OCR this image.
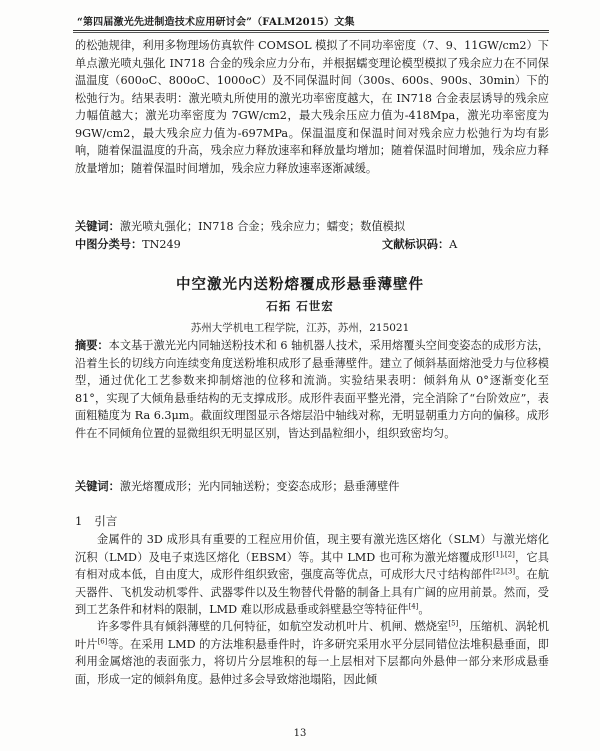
“第四届激光先进制造技术应用研讨会”（FALM2015）文集
的松弛规律，利用多物理场仿真软件 COMSOL 模拟了不同功率密度（7、9、11GW/cm2）下单点激光喷丸强化 IN718 合金的残余应力分布，并根据蠕变理论模型模拟了残余应力在不同保温温度（600oC、800oC、1000oC）及不同保温时间（300s、600s、900s、30min）下的松弛行为。结果表明：激光喷丸所使用的激光功率密度越大，在 IN718 合金表层诱导的残余应力幅值越大；激光功率密度为 7GW/cm2，最大残余压应力值为-418Mpa，激光功率密度为 9GW/cm2，最大残余应力值为-697MPa。保温温度和保温时间对残余应力松弛行为均有影响，随着保温温度的升高，残余应力释放速率和释放量均增加；随着保温时间增加，残余应力释放量增加；随着保温时间增加，残余应力释放速率逐渐减缓。
关键词：激光喷丸强化；IN718 合金；残余应力；蠕变；数值模拟
中图分类号：TN249	文献标识码：A
中空激光内送粉熔覆成形悬垂薄壁件
石拓 石世宏
苏州大学机电工程学院，江苏，苏州，215021
摘要：本文基于激光光内同轴送粉技术和 6 轴机器人技术，采用熔覆头空间变姿态的成形方法，沿着生长的切线方向连续变角度送粉堆积成形了悬垂薄壁件。建立了倾斜基面熔池受力与位移模型，通过优化工艺参数来抑制熔池的位移和流淌。实验结果表明：倾斜角从 0°逐渐变化至 81°，实现了大倾角悬垂结构的无支撑成形。成形件表面平整光滑，完全消除了“台阶效应”，表面粗糙度为 Ra 6.3μm。截面纹理图显示各熔层沿中轴线对称，无明显朝重力方向的偏移。成形件在不同倾角位置的显微组织无明显区别，皆达到晶粒细小，组织致密均匀。
关键词：激光熔覆成形；光内同轴送粉；变姿态成形；悬垂薄壁件
1 引言
金属件的 3D 成形具有重要的工程应用价值，现主要有激光选区熔化（SLM）与激光熔化沉积（LMD）及电子束选区熔化（EBSM）等。其中 LMD 也可称为激光熔覆成形[1],[2]，它具有相对成本低，自由度大，成形件组织致密，强度高等优点，可成形大尺寸结构部件[2],[3]。在航天器件、飞机发动机零件、武器零件以及生物替代骨骼的制备上具有广阔的应用前景。然而，受到工艺条件和材料的限制，LMD 难以形成悬垂或斜壁悬空等特征件[4]。
许多零件具有倾斜薄壁的几何特征，如航空发动机叶片、机闸、燃烧室[5]，压缩机、涡轮机叶片[6]等。在采用 LMD 的方法堆积悬垂件时，许多研究采用水平分层同错位法堆积悬垂面，即利用金属熔池的表面张力，将切片分层堆积的每一上层相对下层都向外悬伸一部分来形成悬垂面，形成一定的倾斜角度。悬伸过多会导致熔池塌陷，因此倾
13
